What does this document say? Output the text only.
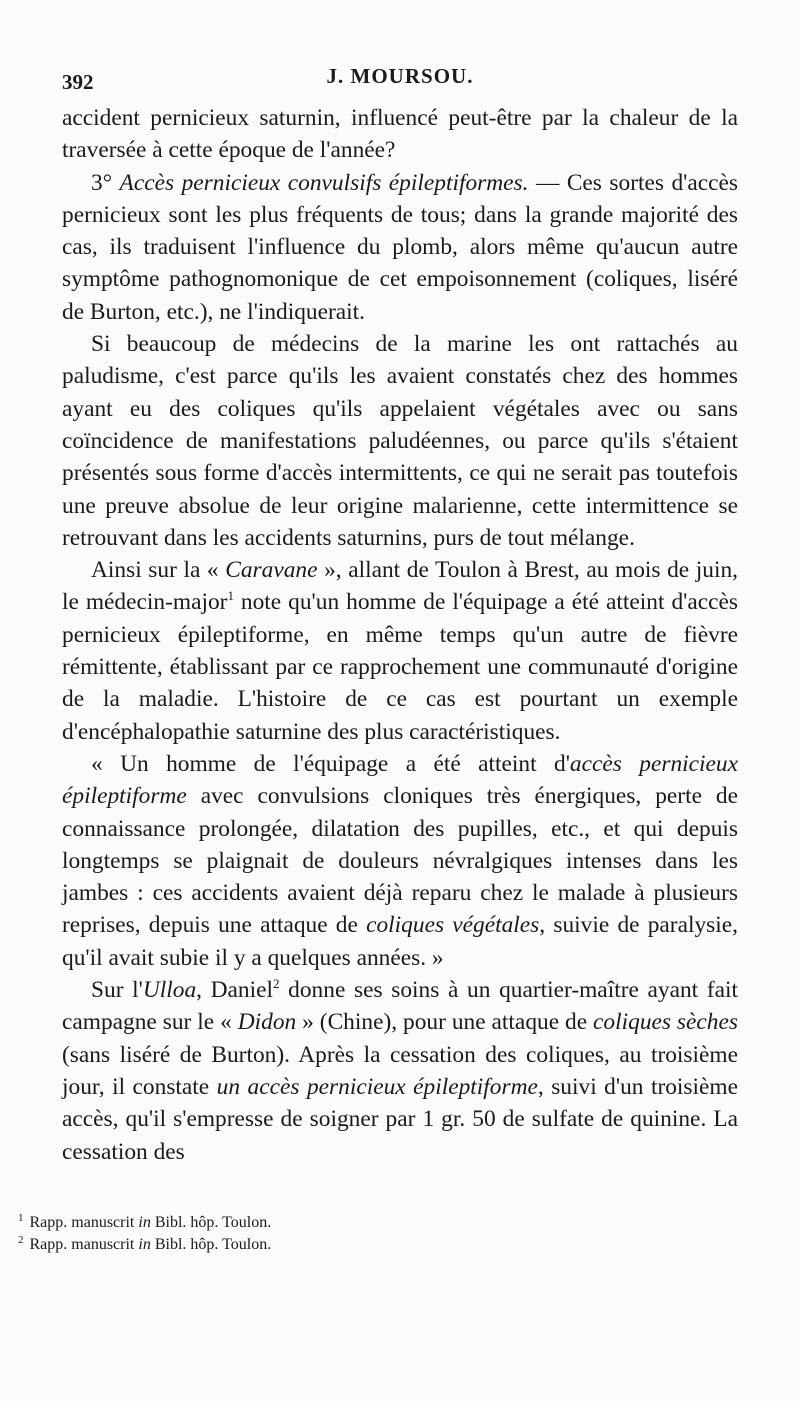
392	J. MOURSOU.

accident pernicieux saturnin, influencé peut-être par la chaleur de la traversée à cette époque de l'année?

3° Accès pernicieux convulsifs épileptiformes. — Ces sortes d'accès pernicieux sont les plus fréquents de tous; dans la grande majorité des cas, ils traduisent l'influence du plomb, alors même qu'aucun autre symptôme pathognomonique de cet empoisonnement (coliques, liséré de Burton, etc.), ne l'indiquerait.

Si beaucoup de médecins de la marine les ont rattachés au paludisme, c'est parce qu'ils les avaient constatés chez des hommes ayant eu des coliques qu'ils appelaient végétales avec ou sans coïncidence de manifestations paludéennes, ou parce qu'ils s'étaient présentés sous forme d'accès intermittents, ce qui ne serait pas toutefois une preuve absolue de leur origine malarienne, cette intermittence se retrouvant dans les accidents saturnins, purs de tout mélange.

Ainsi sur la « Caravane », allant de Toulon à Brest, au mois de juin, le médecin-major$^1$ note qu'un homme de l'équipage a été atteint d'accès pernicieux épileptiforme, en même temps qu'un autre de fièvre rémittente, établissant par ce rapprochement une communauté d'origine de la maladie. L'histoire de ce cas est pourtant un exemple d'encéphalopathie saturnine des plus caractéristiques.

« Un homme de l'équipage a été atteint d'accès pernicieux épileptiforme avec convulsions cloniques très énergiques, perte de connaissance prolongée, dilatation des pupilles, etc., et qui depuis longtemps se plaignait de douleurs névralgiques intenses dans les jambes : ces accidents avaient déjà reparu chez le malade à plusieurs reprises, depuis une attaque de coliques végétales, suivie de paralysie, qu'il avait subie il y a quelques années. »

Sur l'Ulloa, Daniel$^2$ donne ses soins à un quartier-maître ayant fait campagne sur le « Didon » (Chine), pour une attaque de coliques sèches (sans liséré de Burton). Après la cessation des coliques, au troisième jour, il constate un accès pernicieux épileptiforme, suivi d'un troisième accès, qu'il s'empresse de soigner par 1 gr. 50 de sulfate de quinine. La cessation des

$^1$ Rapp. manuscrit in Bibl. hôp. Toulon.
$^2$ Rapp. manuscrit in Bibl. hôp. Toulon.
